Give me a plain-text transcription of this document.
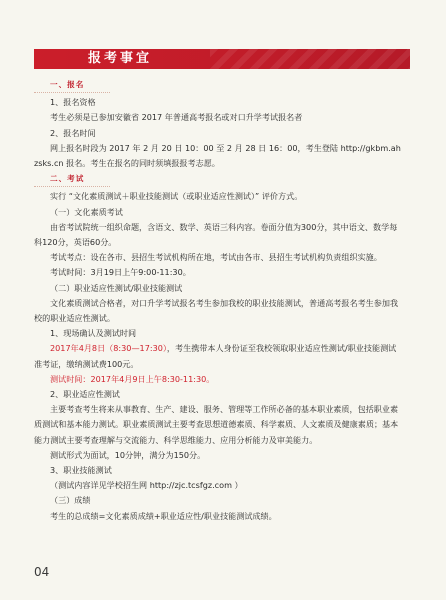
报考事宜
一、报名

1、报名资格

考生必须是已参加安徽省 2017 年普通高考报名或对口升学考试报名者

2、报名时间

网上报名时段为 2017 年 2 月 20 日 10：00 至 2 月 28 日 16：00，考生登陆 http://gkbm.ahzsks.cn 报名。考生在报名的同时须填报报考志愿。

二、考试

实行 “文化素质测试＋职业技能测试（或职业适应性测试）” 评价方式。

（一）文化素质考试

由省考试院统一组织命题，含语文、数学、英语三科内容。卷面分值为300分，其中语文、数学每科120分，英语60分。

考试考点：设在各市、县招生考试机构所在地，考试由各市、县招生考试机构负责组织实施。

考试时间：3月19日上午9:00-11:30。

（二）职业适应性测试/职业技能测试

文化素质测试合格者，对口升学考试报名考生参加我校的职业技能测试，普通高考报名考生参加我校的职业适应性测试。

1、现场确认及测试时间

2017年4月8日（8:30—17:30），考生携带本人身份证至我校领取职业适应性测试/职业技能测试准考证，缴纳测试费100元。

测试时间：2017年4月9日上午8:30-11:30。

2、职业适应性测试

主要考查考生将来从事教育、生产、建设、服务、管理等工作所必备的基本职业素质，包括职业素质测试和基本能力测试。职业素质测试主要考查思想道德素质、科学素质、人文素质及健康素质；基本能力测试主要考查理解与交流能力、科学思维能力、应用分析能力及审美能力。

测试形式为面试，10分钟，满分为150分。

3、职业技能测试

（测试内容详见学校招生网 http://zjc.tcsfgz.com ）

（三）成绩

考生的总成绩=文化素质成绩+职业适应性/职业技能测试成绩。

04
